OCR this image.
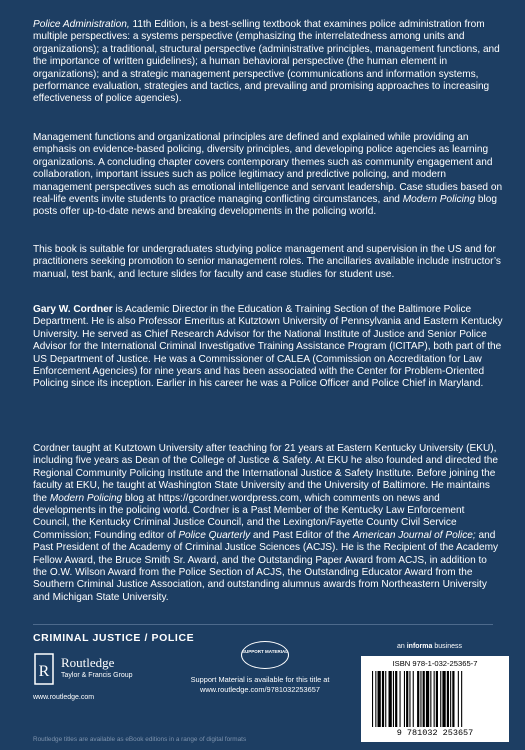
Police Administration, 11th Edition, is a best-selling textbook that examines police administration from multiple perspectives: a systems perspective (emphasizing the interrelatedness among units and organizations); a traditional, structural perspective (administrative principles, management functions, and the importance of written guidelines); a human behavioral perspective (the human element in organizations); and a strategic management perspective (communications and information systems, performance evaluation, strategies and tactics, and prevailing and promising approaches to increasing effectiveness of police agencies).

Management functions and organizational principles are defined and explained while providing an emphasis on evidence-based policing, diversity principles, and developing police agencies as learning organizations. A concluding chapter covers contemporary themes such as community engagement and collaboration, important issues such as police legitimacy and predictive policing, and modern management perspectives such as emotional intelligence and servant leadership. Case studies based on real-life events invite students to practice managing conflicting circumstances, and Modern Policing blog posts offer up-to-date news and breaking developments in the policing world.

This book is suitable for undergraduates studying police management and supervision in the US and for practitioners seeking promotion to senior management roles. The ancillaries available include instructor’s manual, test bank, and lecture slides for faculty and case studies for student use.

Gary W. Cordner is Academic Director in the Education & Training Section of the Baltimore Police Department. He is also Professor Emeritus at Kutztown University of Pennsylvania and Eastern Kentucky University. He served as Chief Research Advisor for the National Institute of Justice and Senior Police Advisor for the International Criminal Investigative Training Assistance Program (ICITAP), both part of the US Department of Justice. He was a Commissioner of CALEA (Commission on Accreditation for Law Enforcement Agencies) for nine years and has been associated with the Center for Problem-Oriented Policing since its inception. Earlier in his career he was a Police Officer and Police Chief in Maryland.

Cordner taught at Kutztown University after teaching for 21 years at Eastern Kentucky University (EKU), including five years as Dean of the College of Justice & Safety. At EKU he also founded and directed the Regional Community Policing Institute and the International Justice & Safety Institute. Before joining the faculty at EKU, he taught at Washington State University and the University of Baltimore. He maintains the Modern Policing blog at https://gcordner.wordpress.com, which comments on news and developments in the policing world. Cordner is a Past Member of the Kentucky Law Enforcement Council, the Kentucky Criminal Justice Council, and the Lexington/Fayette County Civil Service Commission; Founding editor of Police Quarterly and Past Editor of the American Journal of Police; and Past President of the Academy of Criminal Justice Sciences (ACJS). He is the Recipient of the Academy Fellow Award, the Bruce Smith Sr. Award, and the Outstanding Paper Award from ACJS, in addition to the O.W. Wilson Award from the Police Section of ACJS, the Outstanding Educator Award from the Southern Criminal Justice Association, and outstanding alumnus awards from Northeastern University and Michigan State University.

CRIMINAL JUSTICE / POLICE
R
Routledge
Taylor & Francis Group
www.routledge.com
SUPPORT MATERIAL
Support Material is available for this title at
www.routledge.com/9781032253657
an informa business
ISBN 978-1-032-25365-7
9 781032 253657
Routledge titles are available as eBook editions in a range of digital formats
